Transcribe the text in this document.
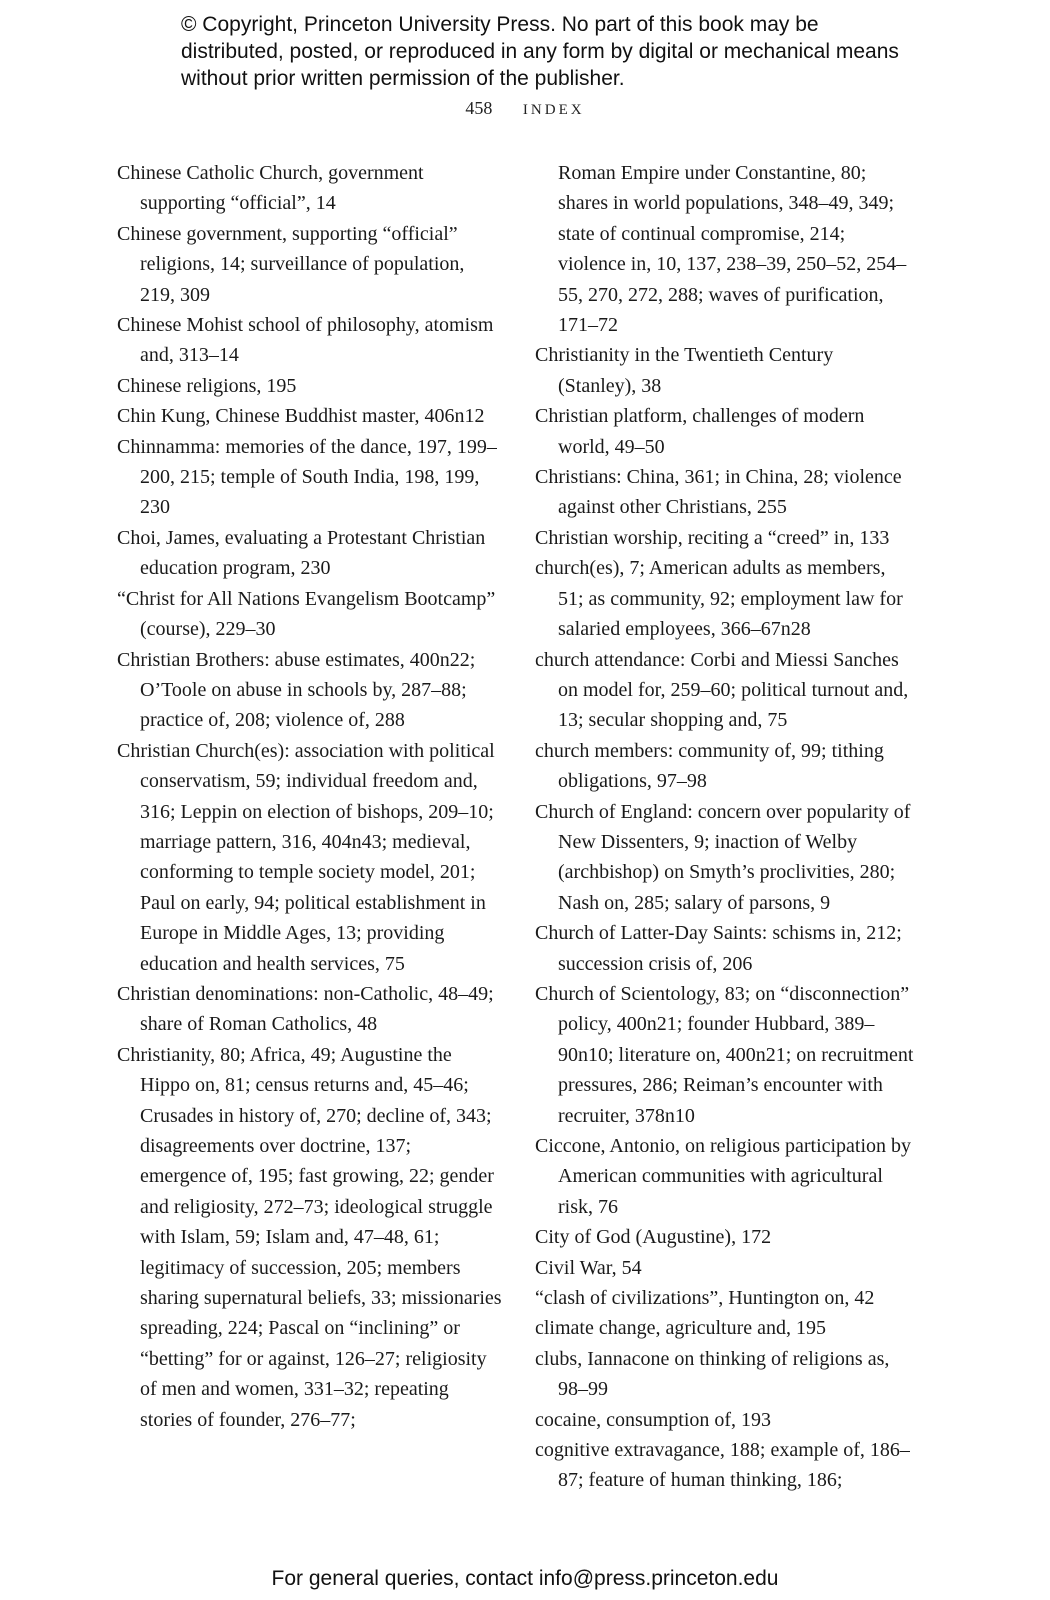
© Copyright, Princeton University Press. No part of this book may be distributed, posted, or reproduced in any form by digital or mechanical means without prior written permission of the publisher.
458 INDEX
Chinese Catholic Church, government supporting “official”, 14
Chinese government, supporting “official” religions, 14; surveillance of population, 219, 309
Chinese Mohist school of philosophy, atomism and, 313–14
Chinese religions, 195
Chin Kung, Chinese Buddhist master, 406n12
Chinnamma: memories of the dance, 197, 199–200, 215; temple of South India, 198, 199, 230
Choi, James, evaluating a Protestant Christian education program, 230
“Christ for All Nations Evangelism Bootcamp” (course), 229–30
Christian Brothers: abuse estimates, 400n22; O’Toole on abuse in schools by, 287–88; practice of, 208; violence of, 288
Christian Church(es): association with political conservatism, 59; individual freedom and, 316; Leppin on election of bishops, 209–10; marriage pattern, 316, 404n43; medieval, conforming to temple society model, 201; Paul on early, 94; political establishment in Europe in Middle Ages, 13; providing education and health services, 75
Christian denominations: non-Catholic, 48–49; share of Roman Catholics, 48
Christianity, 80; Africa, 49; Augustine the Hippo on, 81; census returns and, 45–46; Crusades in history of, 270; decline of, 343; disagreements over doctrine, 137; emergence of, 195; fast growing, 22; gender and religiosity, 272–73; ideological struggle with Islam, 59; Islam and, 47–48, 61; legitimacy of succession, 205; members sharing supernatural beliefs, 33; missionaries spreading, 224; Pascal on “inclining” or “betting” for or against, 126–27; religiosity of men and women, 331–32; repeating stories of founder, 276–77;
Roman Empire under Constantine, 80; shares in world populations, 348–49, 349; state of continual compromise, 214; violence in, 10, 137, 238–39, 250–52, 254–55, 270, 272, 288; waves of purification, 171–72
Christianity in the Twentieth Century (Stanley), 38
Christian platform, challenges of modern world, 49–50
Christians: China, 361; in China, 28; violence against other Christians, 255
Christian worship, reciting a “creed” in, 133
church(es), 7; American adults as members, 51; as community, 92; employment law for salaried employees, 366–67n28
church attendance: Corbi and Miessi Sanches on model for, 259–60; political turnout and, 13; secular shopping and, 75
church members: community of, 99; tithing obligations, 97–98
Church of England: concern over popularity of New Dissenters, 9; inaction of Welby (archbishop) on Smyth’s proclivities, 280; Nash on, 285; salary of parsons, 9
Church of Latter-Day Saints: schisms in, 212; succession crisis of, 206
Church of Scientology, 83; on “disconnection” policy, 400n21; founder Hubbard, 389–90n10; literature on, 400n21; on recruitment pressures, 286; Reiman’s encounter with recruiter, 378n10
Ciccone, Antonio, on religious participation by American communities with agricultural risk, 76
City of God (Augustine), 172
Civil War, 54
“clash of civilizations”, Huntington on, 42
climate change, agriculture and, 195
clubs, Iannacone on thinking of religions as, 98–99
cocaine, consumption of, 193
cognitive extravagance, 188; example of, 186–87; feature of human thinking, 186;
For general queries, contact info@press.princeton.edu
